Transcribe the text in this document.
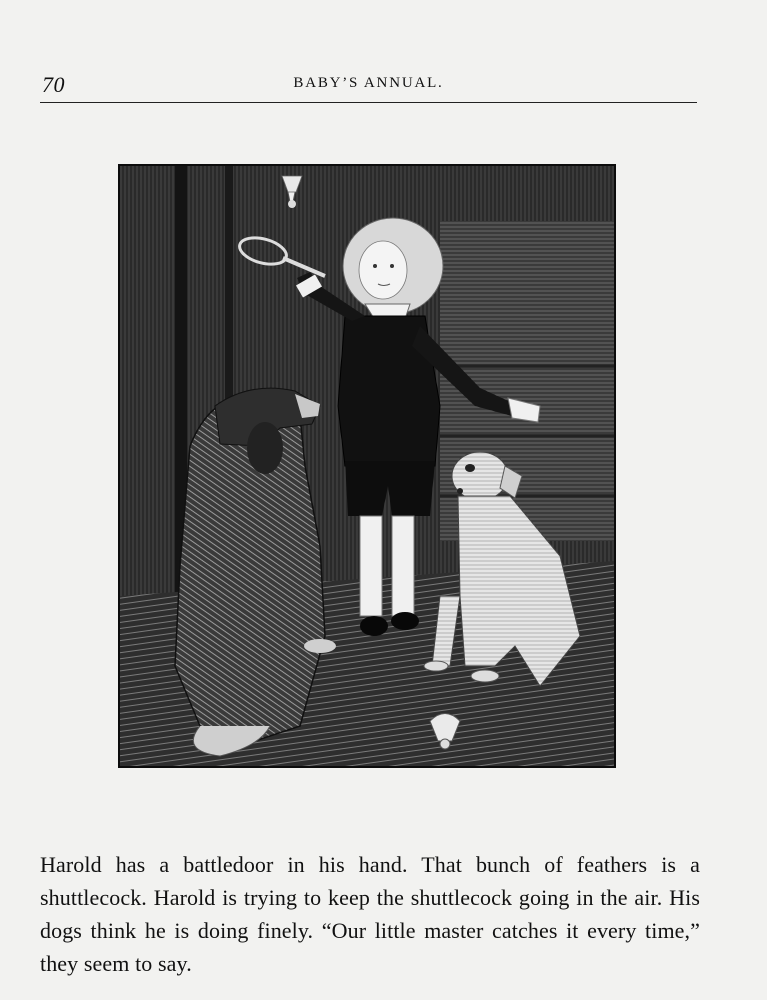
70	BABY’S ANNUAL.

Harold has a battledoor in his hand. That bunch of feathers is a shuttlecock. Harold is trying to keep the shuttlecock going in the air. His dogs think he is doing finely. “Our little master catches it every time,” they seem to say.
